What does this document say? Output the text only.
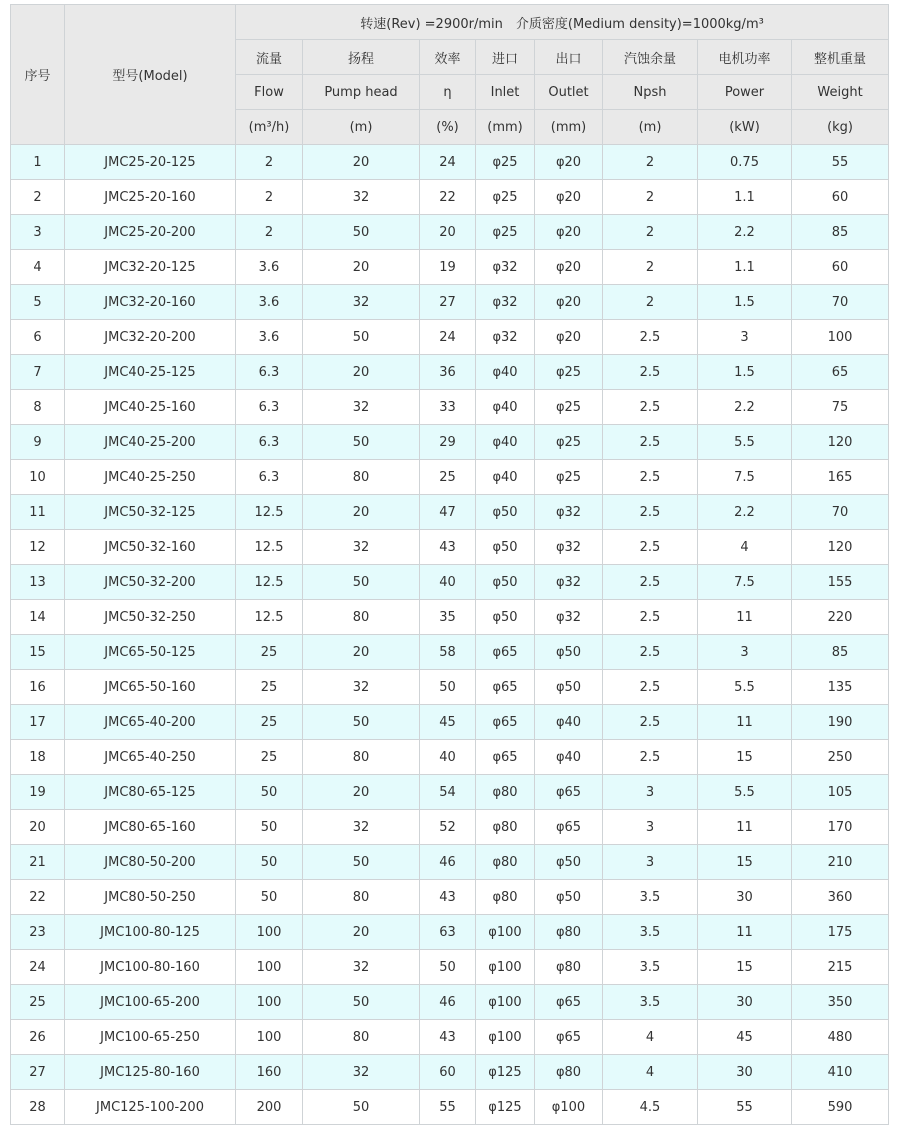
序号	型号(Model)	转速(Rev) =2900r/min　介质密度(Medium density)=1000kg/m³							
		流量	扬程	效率	进口	出口	汽蚀余量	电机功率	整机重量
		Flow	Pump head	η	Inlet	Outlet	Npsh	Power	Weight
		(m³/h)	(m)	(%)	(mm)	(mm)	(m)	(kW)	(kg)
1	JMC25-20-125	2	20	24	φ25	φ20	2	0.75	55
2	JMC25-20-160	2	32	22	φ25	φ20	2	1.1	60
3	JMC25-20-200	2	50	20	φ25	φ20	2	2.2	85
4	JMC32-20-125	3.6	20	19	φ32	φ20	2	1.1	60
5	JMC32-20-160	3.6	32	27	φ32	φ20	2	1.5	70
6	JMC32-20-200	3.6	50	24	φ32	φ20	2.5	3	100
7	JMC40-25-125	6.3	20	36	φ40	φ25	2.5	1.5	65
8	JMC40-25-160	6.3	32	33	φ40	φ25	2.5	2.2	75
9	JMC40-25-200	6.3	50	29	φ40	φ25	2.5	5.5	120
10	JMC40-25-250	6.3	80	25	φ40	φ25	2.5	7.5	165
11	JMC50-32-125	12.5	20	47	φ50	φ32	2.5	2.2	70
12	JMC50-32-160	12.5	32	43	φ50	φ32	2.5	4	120
13	JMC50-32-200	12.5	50	40	φ50	φ32	2.5	7.5	155
14	JMC50-32-250	12.5	80	35	φ50	φ32	2.5	11	220
15	JMC65-50-125	25	20	58	φ65	φ50	2.5	3	85
16	JMC65-50-160	25	32	50	φ65	φ50	2.5	5.5	135
17	JMC65-40-200	25	50	45	φ65	φ40	2.5	11	190
18	JMC65-40-250	25	80	40	φ65	φ40	2.5	15	250
19	JMC80-65-125	50	20	54	φ80	φ65	3	5.5	105
20	JMC80-65-160	50	32	52	φ80	φ65	3	11	170
21	JMC80-50-200	50	50	46	φ80	φ50	3	15	210
22	JMC80-50-250	50	80	43	φ80	φ50	3.5	30	360
23	JMC100-80-125	100	20	63	φ100	φ80	3.5	11	175
24	JMC100-80-160	100	32	50	φ100	φ80	3.5	15	215
25	JMC100-65-200	100	50	46	φ100	φ65	3.5	30	350
26	JMC100-65-250	100	80	43	φ100	φ65	4	45	480
27	JMC125-80-160	160	32	60	φ125	φ80	4	30	410
28	JMC125-100-200	200	50	55	φ125	φ100	4.5	55	590
